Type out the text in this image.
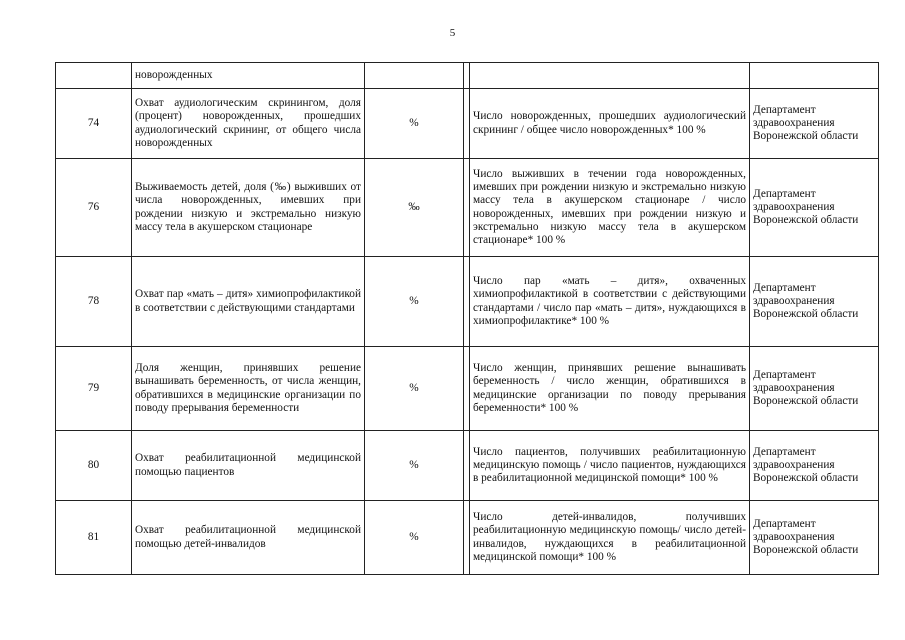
5
	новорожденных				
74	Охват аудиологическим скринингом, доля (процент) новорожденных, прошедших аудиологический скрининг, от общего числа новорожденных	%		Число новорожденных, прошедших аудиологический скрининг / общее число новорожденных* 100 %	Департамент здравоохранения Воронежской области
76	Выживаемость детей, доля (‰) выживших от числа новорожденных, имевших при рождении низкую и экстремально низкую массу тела в акушерском стационаре	‰		Число выживших в течении года новорожденных, имевших при рождении низкую и экстремально низкую массу тела в акушерском стационаре / число новорожденных, имевших при рождении низкую и экстремально низкую массу тела в акушерском стационаре* 100 %	Департамент здравоохранения Воронежской области
78	Охват пар «мать – дитя» химиопрофилактикой в соответствии с действующими стандартами	%		Число пар «мать – дитя», охваченных химиопрофилактикой в соответствии с действующими стандартами / число пар «мать – дитя», нуждающихся в химиопрофилактике* 100 %	Департамент здравоохранения Воронежской области
79	Доля женщин, принявших решение вынашивать беременность, от числа женщин, обратившихся в медицинские организации по поводу прерывания беременности	%		Число женщин, принявших решение вынашивать беременность / число женщин, обратившихся в медицинские организации по поводу прерывания беременности* 100 %	Департамент здравоохранения Воронежской области
80	Охват реабилитационной медицинской помощью пациентов	%		Число пациентов, получивших реабилитационную медицинскую помощь / число пациентов, нуждающихся в реабилитационной медицинской помощи* 100 %	Департамент здравоохранения Воронежской области
81	Охват реабилитационной медицинской помощью детей-инвалидов	%		Число детей-инвалидов, получивших реабилитационную медицинскую помощь/ число детей-инвалидов, нуждающихся в реабилитационной медицинской помощи* 100 %	Департамент здравоохранения Воронежской области
